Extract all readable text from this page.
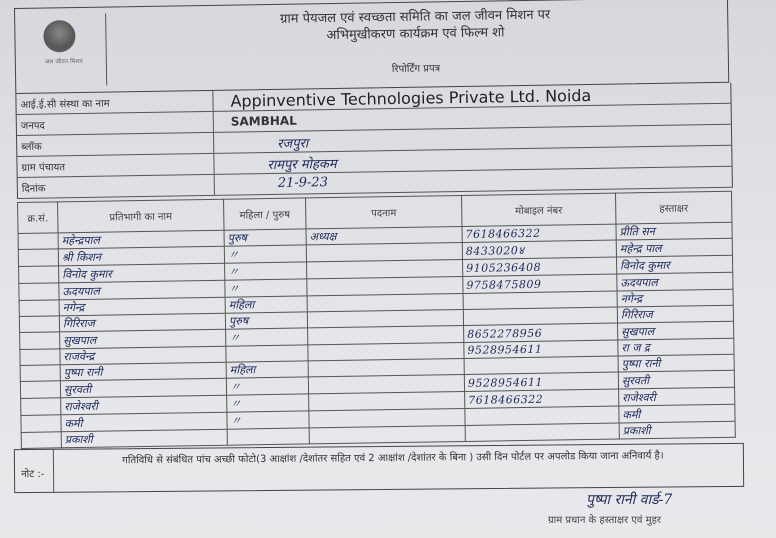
जल जीवन मिशन
ग्राम पेयजल एवं स्वच्छता समिति का जल जीवन मिशन पर
अभिमुखीकरण कार्यक्रम एवं फिल्म शो
रिपोर्टिंग प्रपत्र
आई.ई.सी संस्था का नाम	Appinventive Technologies Private Ltd. Noida
जनपद	SAMBHAL
ब्लॉक	रजपुरा
ग्राम पंचायत	रामपुर मोहकम
दिनांक	21-9-23
क्र.सं.	प्रतिभागी का नाम	महिला / पुरुष	पदनाम	मोबाइल नंबर	हस्ताक्षर
	महेन्द्रपाल	पुरुष	अध्यक्ष	7618466322	प्रीति सन
	श्री किशन	〃		8433020४	महेन्द्र पाल
	विनोद कुमार	〃		9105236408	विनोद कुमार
	ऊदयपाल	〃		9758475809	ऊदयपाल
	नगेन्द्र	महिला			नगेन्द्र
	गिरिराज	पुरुष			गिरिराज
	सुखपाल	〃		8652278956	सुखपाल
	राजवेन्द्र			9528954611	रा ज द्र
	पुष्पा रानी	महिला			पुष्पा रानी
	सुरवती	〃		9528954611	सुरवती
	राजेश्वरी	〃		7618466322	राजेश्वरी
	कमी	〃			कमी
	प्रकाशी				प्रकाशी
नोट :-
गतिविधि से संबंधित पांच अच्छी फोटो(3 आक्षांश /देशांतर सहित एवं 2 आक्षांश /देशांतर के बिना ) उसी दिन पोर्टल पर अपलोड किया जाना अनिवार्य है।
पुष्पा रानी वार्ड-7
ग्राम प्रधान के हस्ताक्षर एवं मुहर
